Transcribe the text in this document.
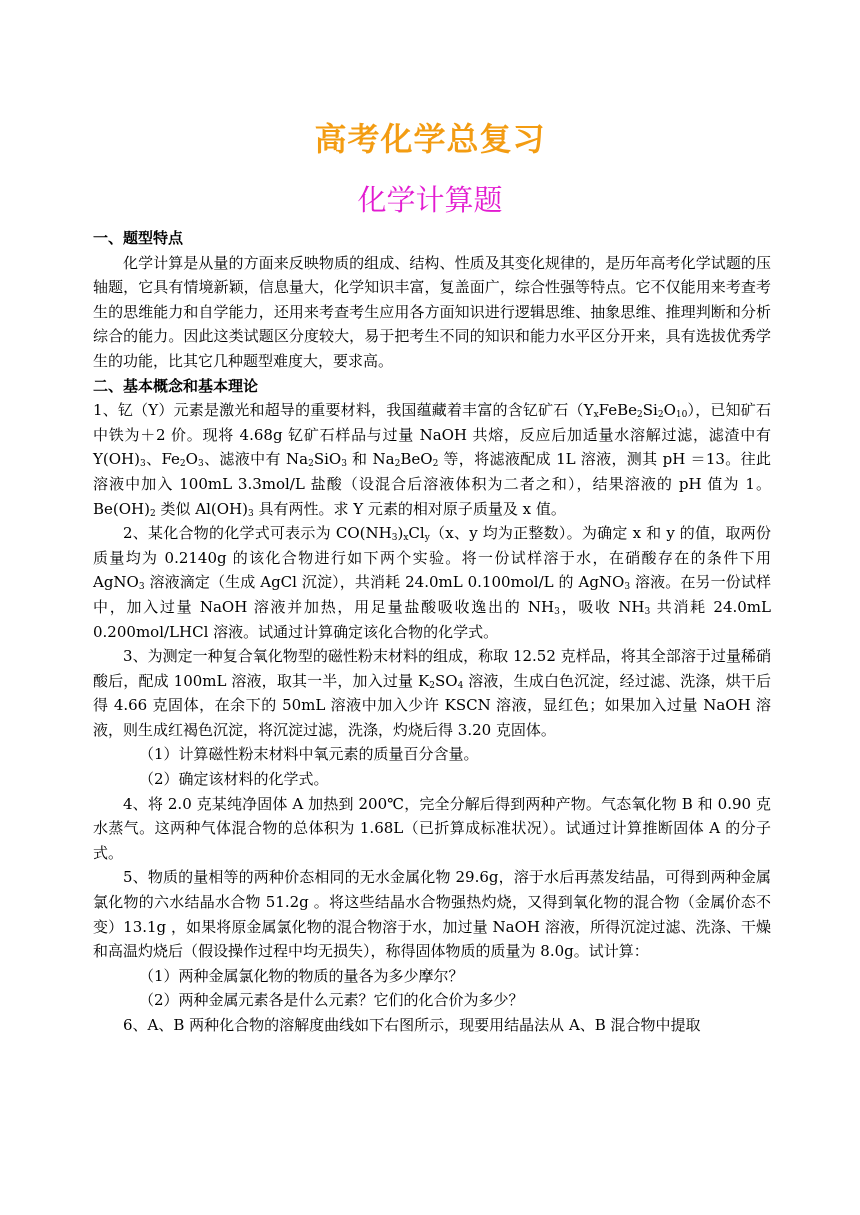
高考化学总复习
化学计算题

一、题型特点

化学计算是从量的方面来反映物质的组成、结构、性质及其变化规律的，是历年高考化学试题的压轴题，它具有情境新颖，信息量大，化学知识丰富，复盖面广，综合性强等特点。它不仅能用来考查考生的思维能力和自学能力，还用来考查考生应用各方面知识进行逻辑思维、抽象思维、推理判断和分析综合的能力。因此这类试题区分度较大，易于把考生不同的知识和能力水平区分开来，具有选拔优秀学生的功能，比其它几种题型难度大，要求高。

二、基本概念和基本理论

1、钇（Y）元素是激光和超导的重要材料，我国蕴藏着丰富的含钇矿石$(Y_xFeBe_2Si_2O_{10})$，已知矿石中铁为＋2 价。现将 4.68g 钇矿石样品与过量 NaOH 共熔，反应后加适量水溶解过滤，滤渣中有 $Y(OH)_3$、$Fe_2O_3$、滤液中有 $Na_2SiO_3$ 和 $Na_2BeO_2$ 等，将滤液配成 1L 溶液，测其 pH ＝13。往此溶液中加入 100mL 3.3mol/L 盐酸（设混合后溶液体积为二者之和），结果溶液的 pH 值为 1。$Be(OH)_2$ 类似 $Al(OH)_3$ 具有两性。求 Y 元素的相对原子质量及 x 值。

2、某化合物的化学式可表示为 $CO(NH_3)_xCl_y(x$、y 均为正整数）。为确定 x 和 y 的值，取两份质量均为 0.2140g 的该化合物进行如下两个实验。将一份试样溶于水，在硝酸存在的条件下用 AgNO$_3$ 溶液滴定（生成 AgCl 沉淀），共消耗 24.0mL 0.100mol/L 的 AgNO$_3$ 溶液。在另一份试样中，加入过量 NaOH 溶液并加热，用足量盐酸吸收逸出的 $NH_3$，吸收 $NH_3$ 共消耗 24.0mL 0.200mol/LHCl 溶液。试通过计算确定该化合物的化学式。

3、为测定一种复合氧化物型的磁性粉末材料的组成，称取 12.52 克样品，将其全部溶于过量稀硝酸后，配成 100mL 溶液，取其一半，加入过量 $K_2SO_4$ 溶液，生成白色沉淀，经过滤、洗涤，烘干后得 4.66 克固体，在余下的 50mL 溶液中加入少许 KSCN 溶液，显红色；如果加入过量 NaOH 溶液，则生成红褐色沉淀，将沉淀过滤，洗涤，灼烧后得 3.20 克固体。

（1）计算磁性粉末材料中氧元素的质量百分含量。

（2）确定该材料的化学式。

4、将 2.0 克某纯净固体 A 加热到 200℃，完全分解后得到两种产物。气态氧化物 B 和 0.90 克水蒸气。这两种气体混合物的总体积为 1.68L（已折算成标准状况）。试通过计算推断固体 A 的分子式。

5、物质的量相等的两种价态相同的无水金属化物 29.6g，溶于水后再蒸发结晶，可得到两种金属氯化物的六水结晶水合物 51.2g 。将这些结晶水合物强热灼烧，又得到氧化物的混合物（金属价态不变）13.1g ，如果将原金属氯化物的混合物溶于水，加过量 NaOH 溶液，所得沉淀过滤、洗涤、干燥和高温灼烧后（假设操作过程中均无损失），称得固体物质的质量为 8.0g。试计算：

（1）两种金属氯化物的物质的量各为多少摩尔？

（2）两种金属元素各是什么元素？它们的化合价为多少？

6、A、B 两种化合物的溶解度曲线如下右图所示，现要用结晶法从 A、B 混合物中提取
